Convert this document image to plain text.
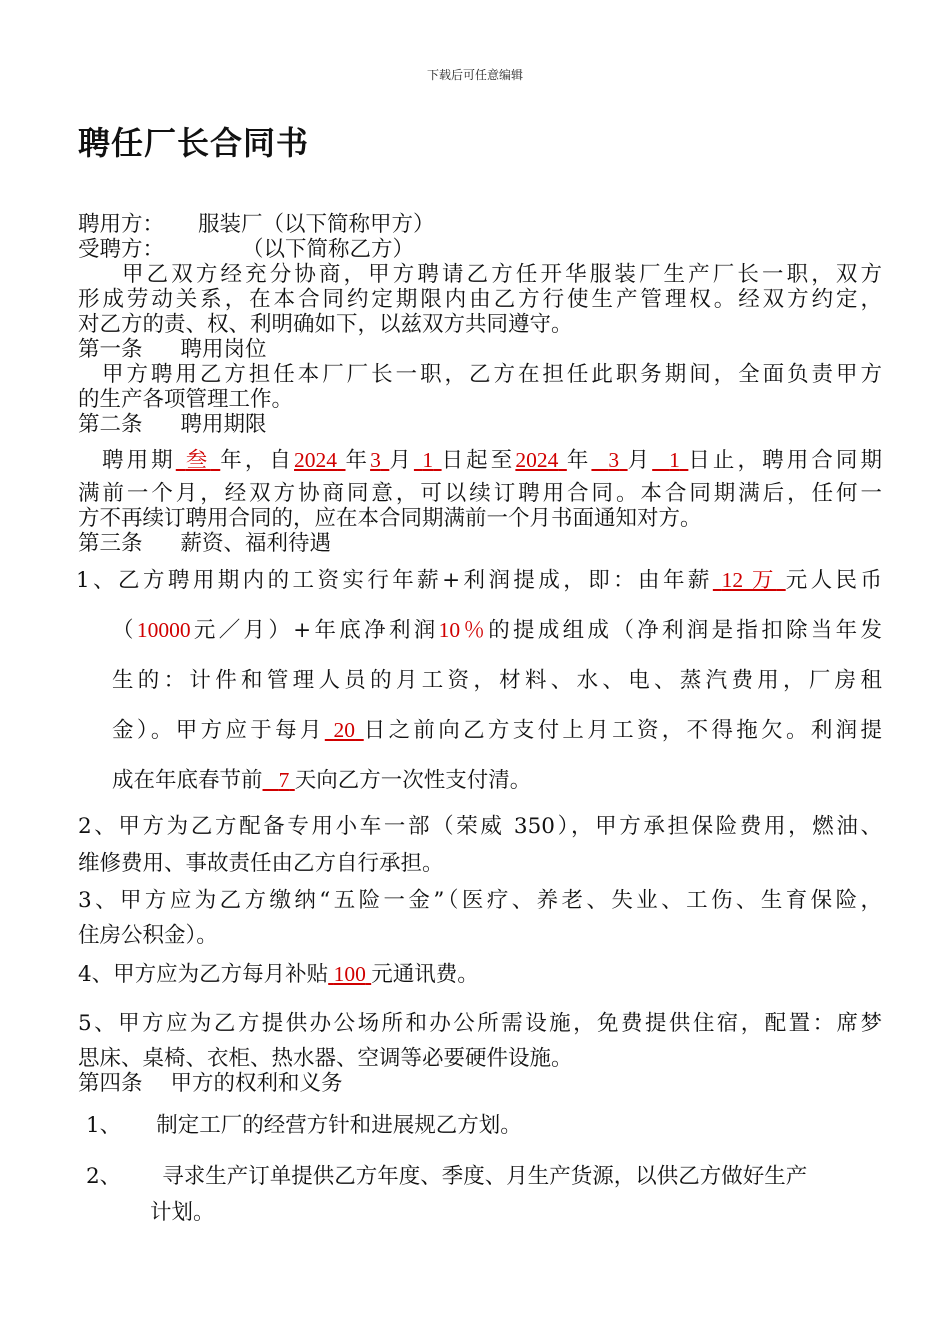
下载后可任意编辑
聘任厂长合同书
聘用方： 服装厂（以下简称甲方）
受聘方：	（以下简称乙方）
甲乙双方经充分协商，甲方聘请乙方任开华服装厂生产厂长一职，双方
形成劳动关系，在本合同约定期限内由乙方行使生产管理权。经双方约定，
对乙方的责、权、利明确如下，以兹双方共同遵守。
第一条 聘用岗位
甲方聘用乙方担任本厂厂长一职，乙方在担任此职务期间，全面负责甲方
的生产各项管理工作。
第二条 聘用期限
聘用期 叁 年，自2024 年3 月 1 日起至2024 年 3 月 1 日止，聘用合同期
满前一个月，经双方协商同意，可以续订聘用合同。本合同期满后，任何一
方不再续订聘用合同的，应在本合同期满前一个月书面通知对方。
第三条 薪资、福利待遇
1、乙方聘用期内的工资实行年薪+利润提成，即：由年薪 12 万 元人民币
（10000元／月）+年底净利润10％的提成组成（净利润是指扣除当年发
生的：计件和管理人员的月工资，材料、水、电、蒸汽费用，厂房租
金）。甲方应于每月 20 日之前向乙方支付上月工资，不得拖欠。利润提
成在年底春节前 7 天向乙方一次性支付清。
2、甲方为乙方配备专用小车一部（荣威 350），甲方承担保险费用，燃油、
维修费用、事故责任由乙方自行承担。
3、甲方应为乙方缴纳“五险一金”（医疗、养老、失业、工伤、生育保险，
住房公积金）。
4、甲方应为乙方每月补贴 100 元通讯费。
5、甲方应为乙方提供办公场所和办公所需设施，免费提供住宿，配置：席梦
思床、桌椅、衣柜、热水器、空调等必要硬件设施。
第四条 甲方的权利和义务
1、 制定工厂的经营方针和进展规乙方划。
2、 寻求生产订单提供乙方年度、季度、月生产货源，以供乙方做好生产
计划。
